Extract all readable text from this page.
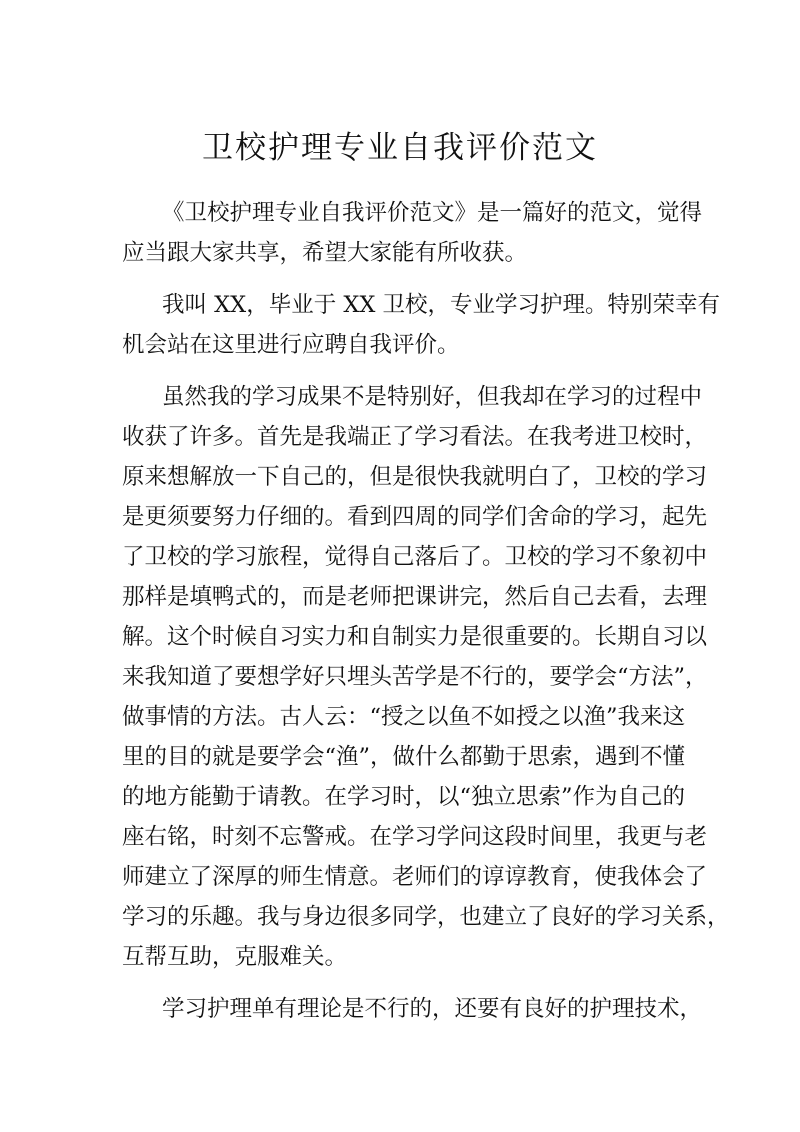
卫校护理专业自我评价范文

《卫校护理专业自我评价范文》是一篇好的范文，觉得
应当跟大家共享，希望大家能有所收获。

我叫 XX，毕业于 XX 卫校，专业学习护理。特别荣幸有
机会站在这里进行应聘自我评价。

虽然我的学习成果不是特别好，但我却在学习的过程中
收获了许多。首先是我端正了学习看法。在我考进卫校时，
原来想解放一下自己的，但是很快我就明白了，卫校的学习
是更须要努力仔细的。看到四周的同学们舍命的学习，起先
了卫校的学习旅程，觉得自己落后了。卫校的学习不象初中
那样是填鸭式的，而是老师把课讲完，然后自己去看，去理
解。这个时候自习实力和自制实力是很重要的。长期自习以
来我知道了要想学好只埋头苦学是不行的，要学会“方法”，
做事情的方法。古人云：“授之以鱼不如授之以渔”我来这
里的目的就是要学会“渔”，做什么都勤于思索，遇到不懂
的地方能勤于请教。在学习时，以“独立思索”作为自己的
座右铭，时刻不忘警戒。在学习学问这段时间里，我更与老
师建立了深厚的师生情意。老师们的谆谆教育，使我体会了
学习的乐趣。我与身边很多同学，也建立了良好的学习关系，
互帮互助，克服难关。

学习护理单有理论是不行的，还要有良好的护理技术，
